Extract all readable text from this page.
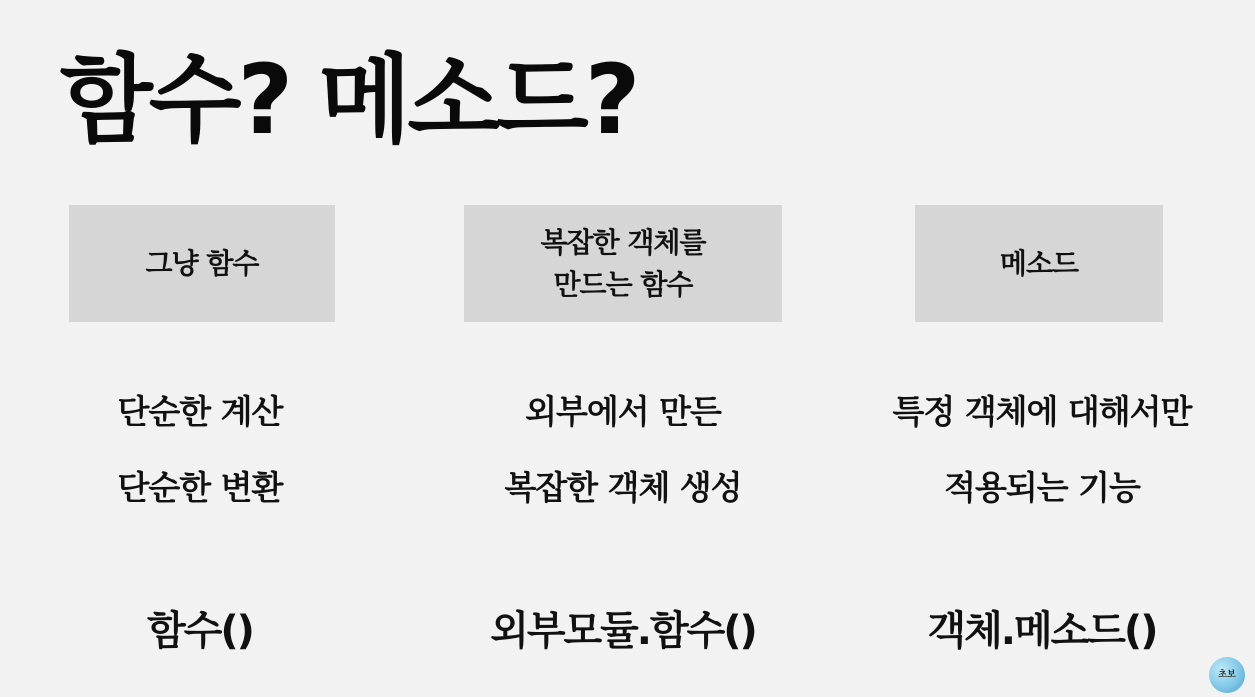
함수? 메소드?
그냥 함수
복잡한 객체를
만드는 함수
메소드
단순한 계산
단순한 변환
외부에서 만든
복잡한 객체 생성
특정 객체에 대해서만
적용되는 기능
함수()	외부모듈.함수()	객체.메소드()
초보
